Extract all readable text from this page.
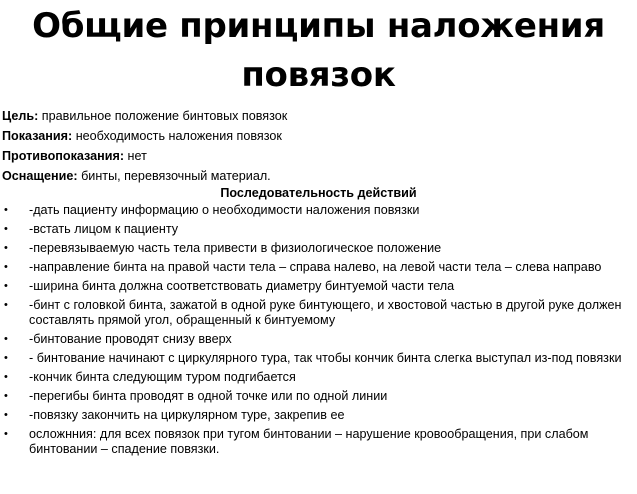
Общие принципы наложения
повязок
Цель: правильное положение бинтовых повязок
Показания: необходимость наложения повязок
Противопоказания: нет
Оснащение: бинты, перевязочный материал.
Последовательность действий
• -дать пациенту информацию о необходимости наложения повязки
• -встать лицом к пациенту
• -перевязываемую часть тела привести в физиологическое положение
• -направление бинта на правой части тела – справа налево, на левой части тела – слева направо
• -ширина бинта должна соответствовать диаметру бинтуемой части тела
• -бинт с головкой бинта, зажатой в одной руке бинтующего, и хвостовой частью в другой руке должен составлять прямой угол, обращенный к бинтуемому
• -бинтование проводят снизу вверх
• - бинтование начинают с циркулярного тура, так чтобы кончик бинта слегка выступал из-под повязки
• -кончик бинта следующим туром подгибается
• -перегибы бинта проводят в одной точке или по одной линии
• -повязку закончить на циркулярном туре, закрепив ее
• осложнния: для всех повязок при тугом бинтовании – нарушение кровообращения, при слабом бинтовании – спадение повязки.
